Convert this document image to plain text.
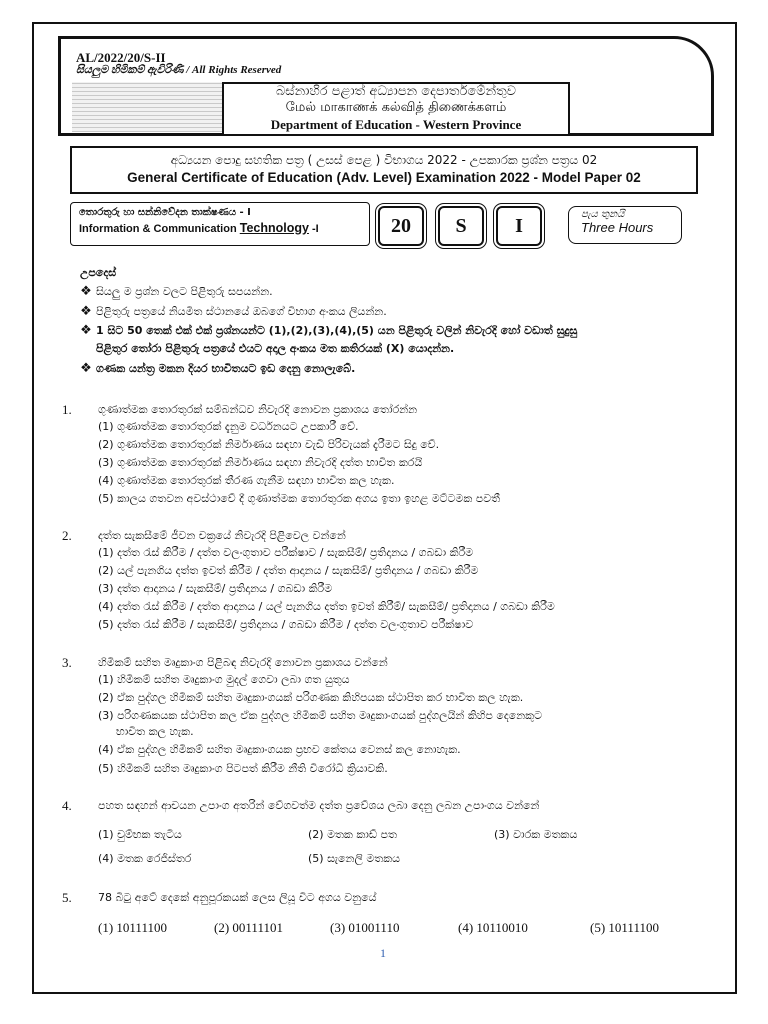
AL/2022/20/S-II
සියලුම හිමිකම් ඇවිරිණි / All Rights Reserved
බස්නාහිර පළාත් අධ්‍යාපන දෙපාර්තමේන්තුව
மேல் மாகாணக் கல்வித் திணைக்களம்
Department of Education - Western Province
අධ්‍යයන පොදු සහතික පත්‍ර ( උසස් පෙළ ) විභාගය 2022 - උපකාරක ප්‍රශ්න පත්‍රය 02
General Certificate of Education (Adv. Level) Examination 2022 - Model Paper 02
තොරතුරු හා සන්නිවේදන තාක්ෂණය - I
Information & Communication Technology -I	20	S	I
පැය තුනයි
Three Hours
උපදෙස්
❖ සියලු ම ප්‍රශ්න වලට පිළිතුරු සපයන්න.
❖ පිළිතුරු පත්‍රයේ නියමිත ස්ථානයේ ඔබගේ විභාග අංකය ලියන්න.
❖ 1 සිට 50 තෙක් එක් එක් ප්‍රශ්නයන්ට (1),(2),(3),(4),(5) යන පිළිතුරු වලින් නිවැරදි හෝ වඩාත් සුදුසු
පිළිතුර තෝරා පිළිතුරු පත්‍රයේ එයට අදාල අංකය මත කතිරයක් (X) යොදන්න.
❖ ගණක යන්ත්‍ර මකන දියර භාවිතයට ඉඩ දෙනු නොලැබේ.
1. ගුණාත්මක තොරතුරක් සම්බන්ධව නිවැරදි නොවන ප්‍රකාශය තෝරන්න
(1) ගුණාත්මක තොරතුරක් දැනුම වර්ධනයට උපකාරී වේ.
(2) ගුණාත්මක තොරතුරක් නිර්මාණය සඳහා වැඩි පිරිවැයක් දැරීමට සිදු වේ.
(3) ගුණාත්මක තොරතුරක් නිර්මාණය සඳහා නිවැරදි දත්ත භාවිත කරයි
(4) ගුණාත්මක තොරතුරක් තීරණ ගැනීම සඳහා භාවිත කල හැක.
(5) කාලය ගතවන අවස්ථාවේ දී ගුණාත්මක තොරතුරක අගය ඉතා ඉහළ මට්ටමක පවතී
2. දත්ත සැකසීමේ ජීවන චක්‍රයේ නිවැරදි පිළිවෙල වන්නේ
(1) දත්ත රැස් කිරීම / දත්ත වලංගුතාව පරීක්ෂාව / සැකසීම්/ ප්‍රතිදානය / ගබඩා කිරීම
(2) යල් පැනගිය දත්ත ඉවත් කිරීම / දත්ත ආදානය / සැකසීම්/ ප්‍රතිදානය / ගබඩා කිරීම
(3) දත්ත ආදානය / සැකසීම්/ ප්‍රතිදානය / ගබඩා කිරීම
(4) දත්ත රැස් කිරීම / දත්ත ආදානය / යල් පැනගිය දත්ත ඉවත් කිරීම්/ සැකසීම්/ ප්‍රතිදානය / ගබඩා කිරීම
(5) දත්ත රැස් කිරීම / සැකසීම්/ ප්‍රතිදානය / ගබඩා කිරීම / දත්ත වලංගුතාව පරීක්ෂාව
3. හිමිකම් සහිත මෘදුකාංග පිළිබඳ නිවැරදි නොවන ප්‍රකාශය වන්නේ
(1) හිමිකම් සහිත මෘදුකාංග මුදල් ගෙවා ලබා ගත යුතුය
(2) ඒක පුද්ගල හිමිකම් සහිත මෘදුකාංගයක් පරිගණක කිහිපයක ස්ථාපිත කර භාවිත කල හැක.
(3) පරිගණකයක ස්ථාපිත කල ඒක පුද්ගල හිමිකම් සහිත මෘදුකාංගයක් පුද්ගලයින් කිහිප දෙනෙකුට
භාවිත කල හැක.
(4) ඒක පුද්ගල හිමිකම් සහිත මෘදුකාංගයක ප්‍රභව කේතය වෙනස් කල නොහැක.
(5) හිමිකම් සහිත මෘදුකාංග පිටපත් කිරීම නීති විරෝධී ක්‍රියාවකි.
4. පහත සඳහන් ආචයන උපාංග අතරින් වේගවත්ම දත්ත ප්‍රවේශය ලබා දෙනු ලබන උපාංගය වන්නේ
(1) චුම්භක තැටිය	(2) මතක කාඩ් පත	(3) වාරක මතකය
(4) මතක රෙජිස්තර	(5) සැනෙලි මතකය
5. 78 බිටු අටේ දෙකේ අනුපූරකයක් ලෙස ලියූ විට අගය වනුයේ
(1) 10111100	(2) 00111101	(3) 01001110	(4) 10110010	(5) 10111100
1
